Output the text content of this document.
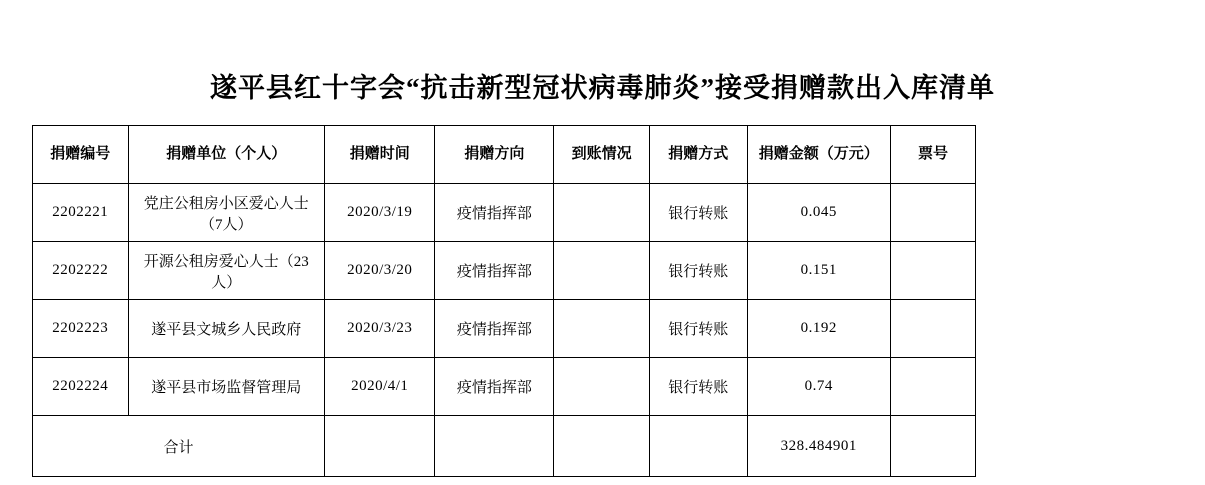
遂平县红十字会“抗击新型冠状病毒肺炎”接受捐赠款出入库清单
捐赠编号	捐赠单位（个人）	捐赠时间	捐赠方向	到账情况	捐赠方式	捐赠金额（万元）	票号
2202221	党庄公租房小区爱心人士（7人）	2020/3/19	疫情指挥部		银行转账	0.045	
2202222	开源公租房爱心人士（23人）	2020/3/20	疫情指挥部		银行转账	0.151	
2202223	遂平县文城乡人民政府	2020/3/23	疫情指挥部		银行转账	0.192	
2202224	遂平县市场监督管理局	2020/4/1	疫情指挥部		银行转账	0.74	
合计						328.484901	
